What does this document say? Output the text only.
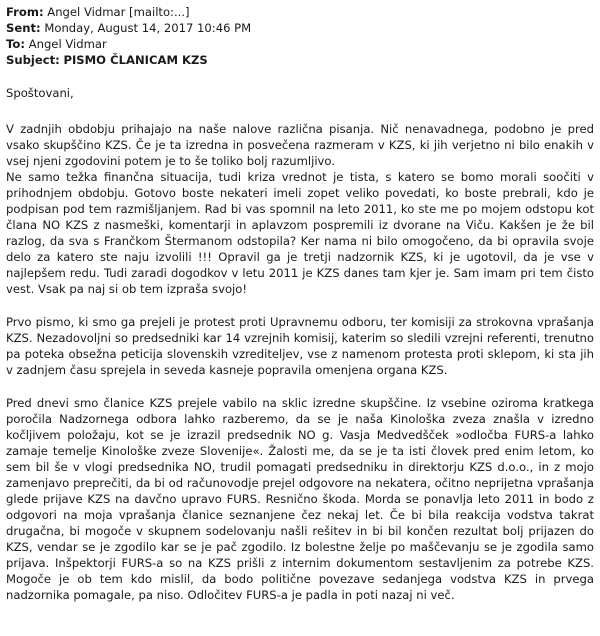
From: Angel Vidmar [mailto:...]
Sent: Monday, August 14, 2017 10:46 PM
To: Angel Vidmar
Subject: PISMO ČLANICAM KZS
Spoštovani,

V zadnjih obdobju prihajajo na naše nalove različna pisanja. Nič nenavadnega, podobno je pred vsako skupščino KZS. Če je ta izredna in posvečena razmeram v KZS, ki jih verjetno ni bilo enakih v vsej njeni zgodovini potem je to še toliko bolj razumljivo.

Ne samo težka finančna situacija, tudi kriza vrednot je tista, s katero se bomo morali soočiti v prihodnjem obdobju. Gotovo boste nekateri imeli zopet veliko povedati, ko boste prebrali, kdo je podpisan pod tem razmišljanjem. Rad bi vas spomnil na leto 2011, ko ste me po mojem odstopu kot člana NO KZS z nasmeški, komentarji in aplavzom pospremili iz dvorane na Viču. Kakšen je že bil razlog, da sva s Frančkom Štermanom odstopila? Ker nama ni bilo omogočeno, da bi opravila svoje delo za katero ste naju izvolili !!! Opravil ga je tretji nadzornik KZS, ki je ugotovil, da je vse v najlepšem redu. Tudi zaradi dogodkov v letu 2011 je KZS danes tam kjer je. Sam imam pri tem čisto vest. Vsak pa naj si ob tem izpraša svojo!

Prvo pismo, ki smo ga prejeli je protest proti Upravnemu odboru, ter komisiji za strokovna vprašanja KZS. Nezadovoljni so predsedniki kar 14 vzrejnih komisij, katerim so sledili vzrejni referenti, trenutno pa poteka obsežna peticija slovenskih vzrediteljev, vse z namenom protesta proti sklepom, ki sta jih v zadnjem času sprejela in seveda kasneje popravila omenjena organa KZS.

Pred dnevi smo članice KZS prejele vabilo na sklic izredne skupščine. Iz vsebine oziroma kratkega poročila Nadzornega odbora lahko razberemo, da se je naša Kinološka zveza znašla v izredno kočljivem položaju, kot se je izrazil predsednik NO g. Vasja Medvedšček »odločba FURS-a lahko zamaje temelje Kinološke zveze Slovenije«. Žalosti me, da se je ta isti človek pred enim letom, ko sem bil še v vlogi predsednika NO, trudil pomagati predsedniku in direktorju KZS d.o.o., in z mojo zamenjavo preprečiti, da bi od računovodje prejel odgovore na nekatera, očitno neprijetna vprašanja glede prijave KZS na davčno upravo FURS. Resnično škoda. Morda se ponavlja leto 2011 in bodo z odgovori na moja vprašanja članice seznanjene čez nekaj let. Če bi bila reakcija vodstva takrat drugačna, bi mogoče v skupnem sodelovanju našli rešitev in bi bil končen rezultat bolj prijazen do KZS, vendar se je zgodilo kar se je pač zgodilo. Iz bolestne želje po maščevanju se je zgodila samo prijava. Inšpektorji FURS-a so na KZS prišli z internim dokumentom sestavljenim za potrebe KZS. Mogoče je ob tem kdo mislil, da bodo politične povezave sedanjega vodstva KZS in prvega nadzornika pomagale, pa niso. Odločitev FURS-a je padla in poti nazaj ni več.
